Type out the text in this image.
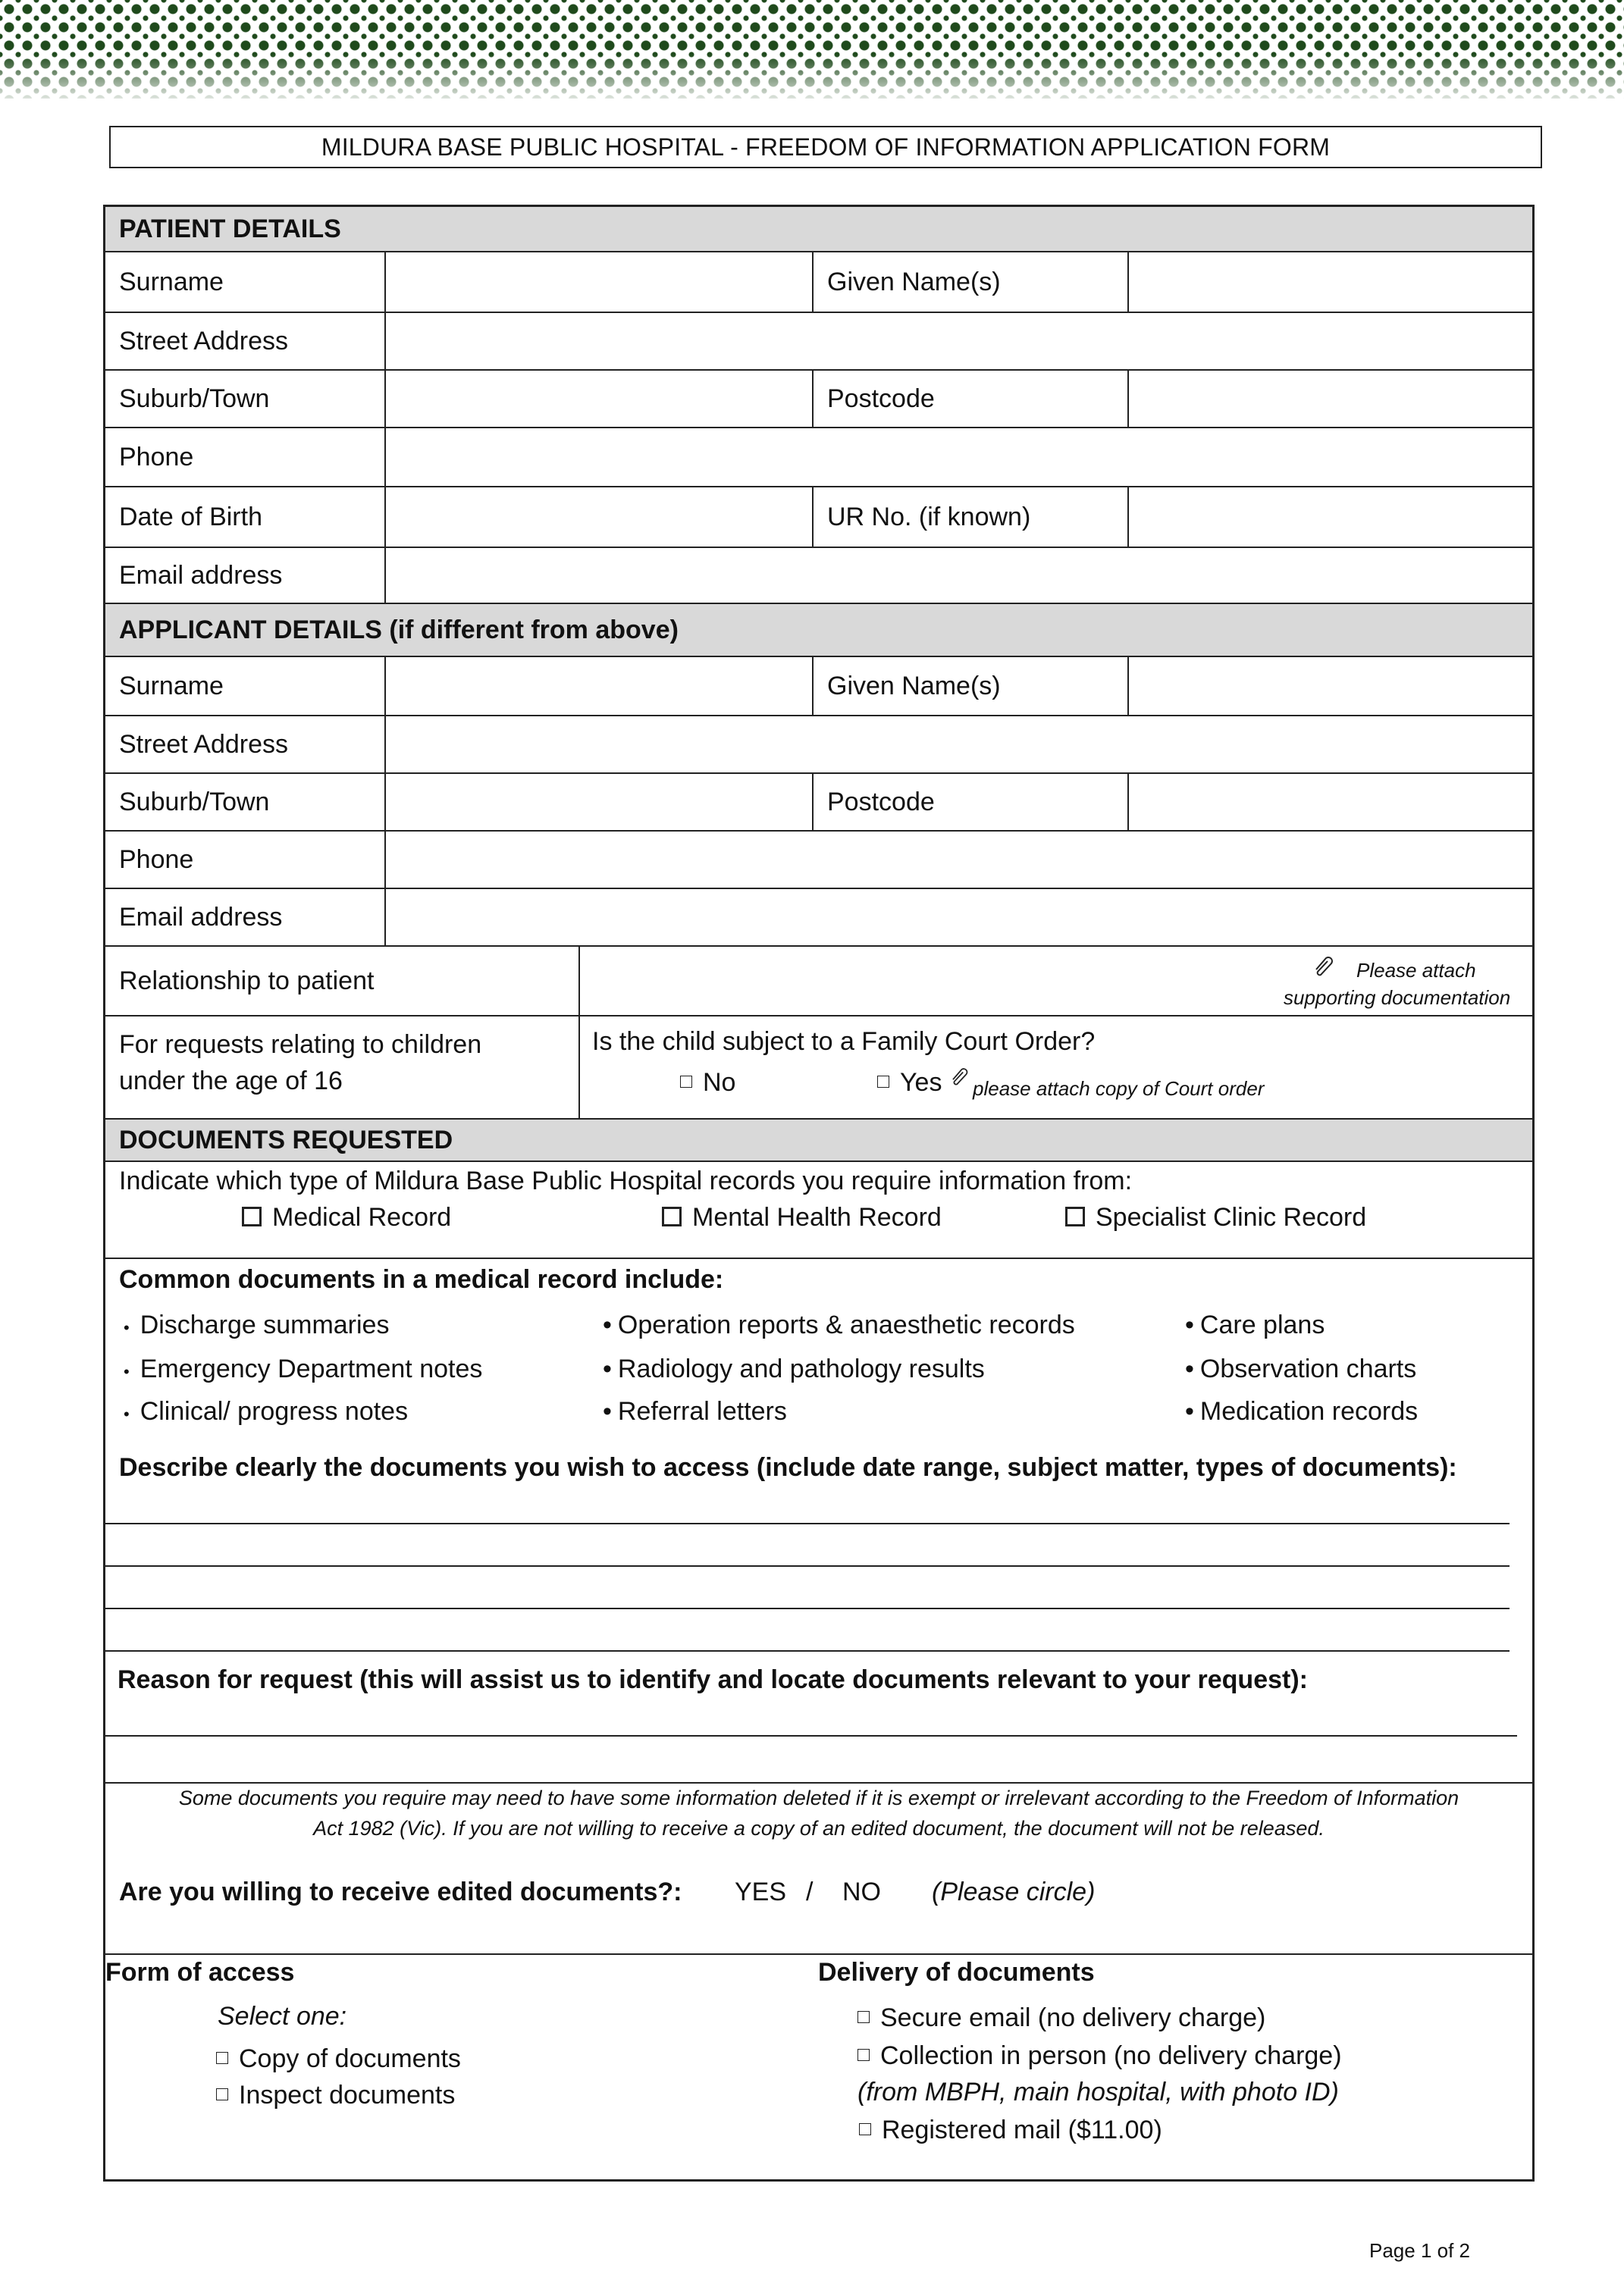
MILDURA BASE PUBLIC HOSPITAL - FREEDOM OF INFORMATION APPLICATION FORM
PATIENT DETAILS
Surname	Given Name(s)
Street Address
Suburb/Town	Postcode
Phone
Date of Birth	UR No. (if known)
Email address
APPLICANT DETAILS (if different from above)
Surname	Given Name(s)
Street Address
Suburb/Town	Postcode
Phone
Email address
Relationship to patient	Please attach
supporting documentation
For requests relating to children
under the age of 16
Is the child subject to a Family Court Order?
No	Yes please attach copy of Court order
DOCUMENTS REQUESTED
Indicate which type of Mildura Base Public Hospital records you require information from:
Medical Record	Mental Health Record	Specialist Clinic Record
Common documents in a medical record include:
• Discharge summaries
• Emergency Department notes
• Clinical/ progress notes
• Operation reports & anaesthetic records
• Radiology and pathology results
• Referral letters
• Care plans
• Observation charts
• Medication records
Describe clearly the documents you wish to access (include date range, subject matter, types of documents):
Reason for request (this will assist us to identify and locate documents relevant to your request):
Some documents you require may need to have some information deleted if it is exempt or irrelevant according to the Freedom of Information
Act 1982 (Vic). If you are not willing to receive a copy of an edited document, the document will not be released.
Are you willing to receive edited documents?: YES / NO (Please circle)
Form of access
Select one:
Copy of documents
Inspect documents
Delivery of documents
Secure email (no delivery charge)
Collection in person (no delivery charge)
(from MBPH, main hospital, with photo ID)
Registered mail ($11.00)
Page 1 of 2
